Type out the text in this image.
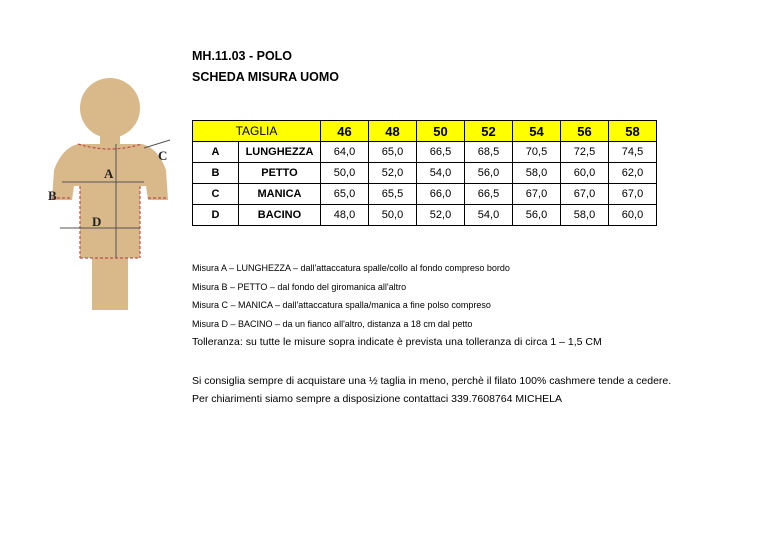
MH.11.03 - POLO
SCHEDA MISURA UOMO
A
B
C
D
TAGLIA		46	48	50	52	54	56	58
A	LUNGHEZZA	64,0	65,0	66,5	68,5	70,5	72,5	74,5
B	PETTO	50,0	52,0	54,0	56,0	58,0	60,0	62,0
C	MANICA	65,0	65,5	66,0	66,5	67,0	67,0	67,0
D	BACINO	48,0	50,0	52,0	54,0	56,0	58,0	60,0
Misura A – LUNGHEZZA – dall'attaccatura spalle/collo al fondo compreso bordo
Misura B – PETTO – dal fondo del giromanica all'altro
Misura C – MANICA – dall'attaccatura spalla/manica a fine polso compreso
Misura D – BACINO – da un fianco all'altro, distanza a 18 cm dal petto
Tolleranza: su tutte le misure sopra indicate è prevista una tolleranza di circa 1 – 1,5 CM
Si consiglia sempre di acquistare una ½ taglia in meno, perchè il filato 100% cashmere tende a cedere.
Per chiarimenti siamo sempre a disposizione contattaci 339.7608764 MICHELA
